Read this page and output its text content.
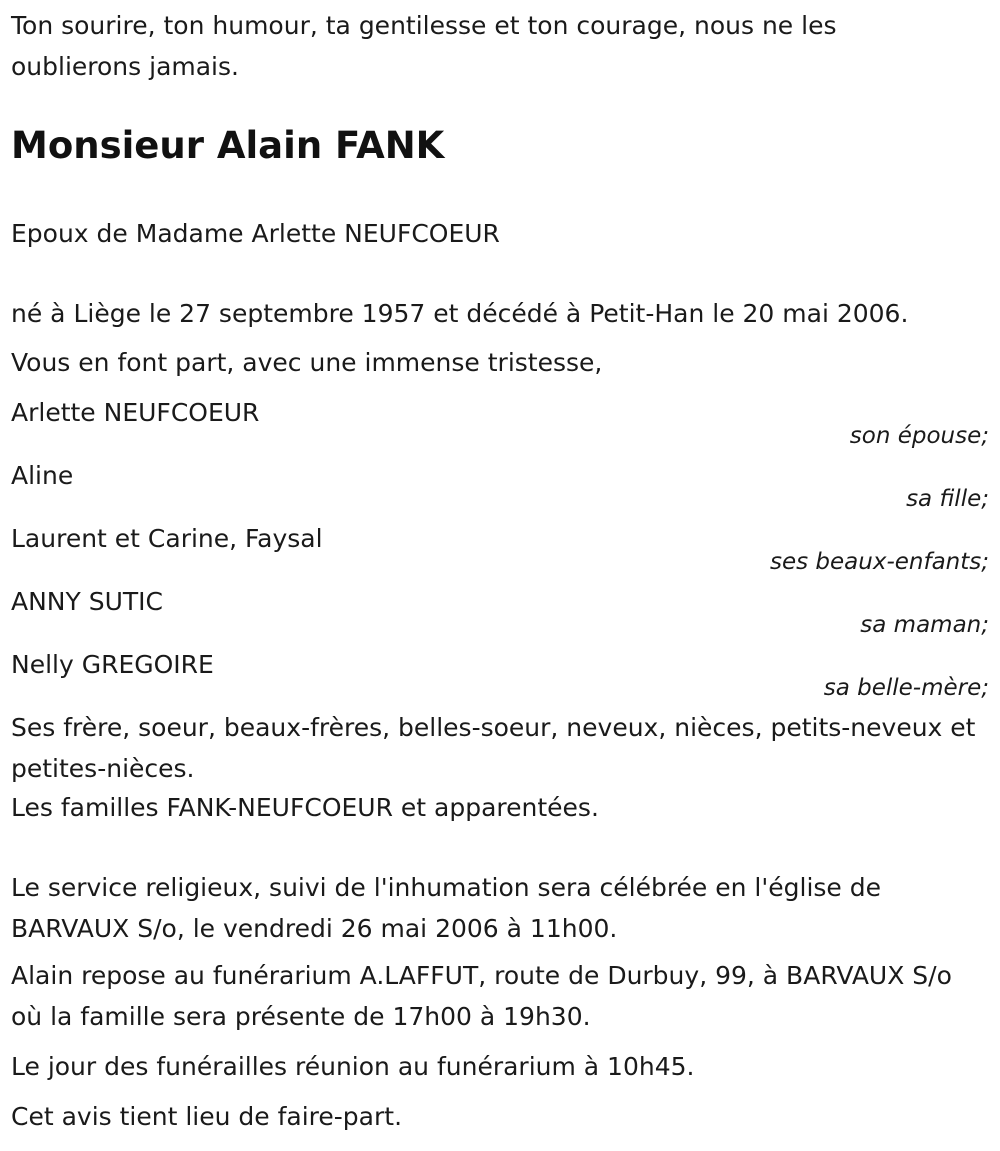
Ton sourire, ton humour, ta gentilesse et ton courage, nous ne les oublierons jamais.

Monsieur Alain FANK

Epoux de Madame Arlette NEUFCOEUR

né à Liège le 27 septembre 1957 et décédé à Petit-Han le 20 mai 2006.

Vous en font part, avec une immense tristesse,

Arlette NEUFCOEUR

son épouse;

Aline

sa fille;

Laurent et Carine, Faysal

ses beaux-enfants;

ANNY SUTIC

sa maman;

Nelly GREGOIRE

sa belle-mère;

Ses frère, soeur, beaux-frères, belles-soeur, neveux, nièces, petits-neveux et petites-nièces.

Les familles FANK-NEUFCOEUR et apparentées.

Le service religieux, suivi de l'inhumation sera célébrée en l'église de BARVAUX S/o, le vendredi 26 mai 2006 à 11h00.

Alain repose au funérarium A.LAFFUT, route de Durbuy, 99, à BARVAUX S/o où la famille sera présente de 17h00 à 19h30.

Le jour des funérailles réunion au funérarium à 10h45.

Cet avis tient lieu de faire-part.
